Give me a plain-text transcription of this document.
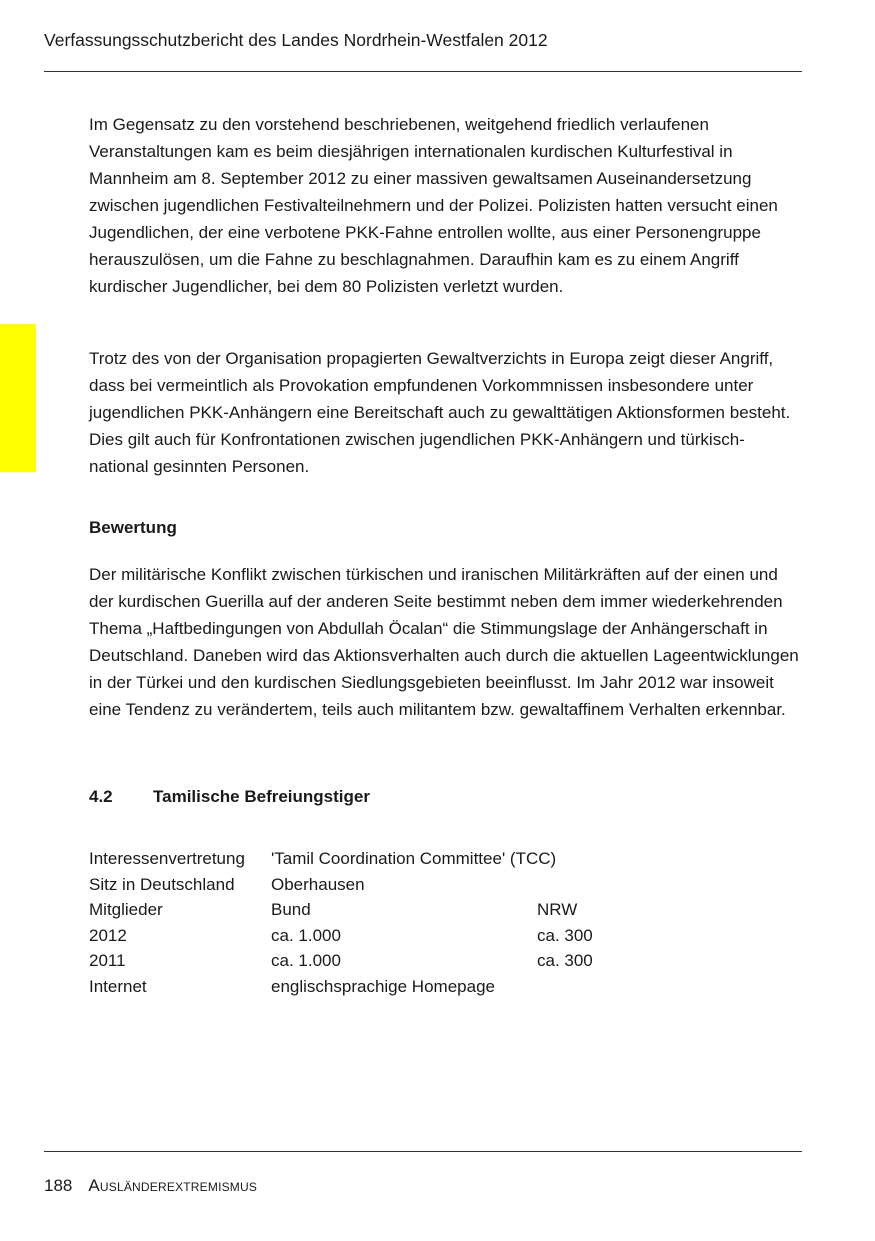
Verfassungsschutzbericht des Landes Nordrhein-Westfalen 2012

Im Gegensatz zu den vorstehend beschriebenen, weitgehend friedlich verlaufenen Veranstaltungen kam es beim diesjährigen internationalen kurdischen Kulturfestival in Mannheim am 8. September 2012 zu einer massiven gewaltsamen Auseinandersetzung zwischen jugendlichen Festivalteilnehmern und der Polizei. Polizisten hatten versucht einen Jugendlichen, der eine verbotene PKK-Fahne entrollen wollte, aus einer Personengruppe herauszulösen, um die Fahne zu beschlagnahmen. Daraufhin kam es zu einem Angriff kurdischer Jugendlicher, bei dem 80 Polizisten verletzt wurden.

Trotz des von der Organisation propagierten Gewaltverzichts in Europa zeigt dieser Angriff, dass bei vermeintlich als Provokation empfundenen Vorkommnissen insbesondere unter jugendlichen PKK-Anhängern eine Bereitschaft auch zu gewalttätigen Aktionsformen besteht. Dies gilt auch für Konfrontationen zwischen jugendlichen PKK-Anhängern und türkisch-national gesinnten Personen.

Bewertung

Der militärische Konflikt zwischen türkischen und iranischen Militärkräften auf der einen und der kurdischen Guerilla auf der anderen Seite bestimmt neben dem immer wiederkehrenden Thema „Haftbedingungen von Abdullah Öcalan“ die Stimmungslage der Anhängerschaft in Deutschland. Daneben wird das Aktionsverhalten auch durch die aktuellen Lageentwicklungen in der Türkei und den kurdischen Siedlungsgebieten beeinflusst. Im Jahr 2012 war insoweit eine Tendenz zu verändertem, teils auch militantem bzw. gewaltaffinem Verhalten erkennbar.

4.2 Tamilische Befreiungstiger
Interessenvertretung	'Tamil Coordination Committee' (TCC)	
Sitz in Deutschland	Oberhausen	
Mitglieder	Bund	NRW
2012	ca. 1.000	ca. 300
2011	ca. 1.000	ca. 300
Internet	englischsprachige Homepage	
188 Ausländerextremismus
